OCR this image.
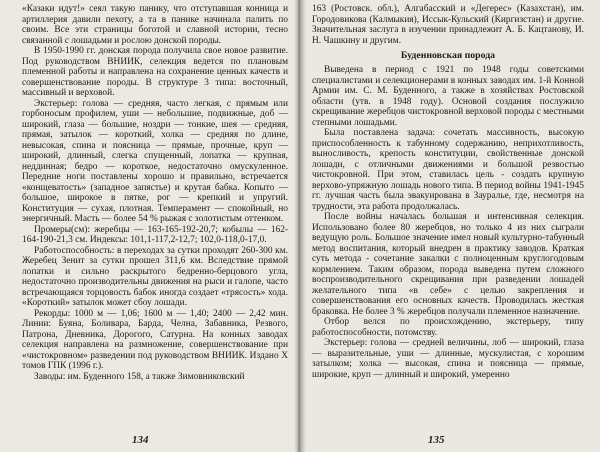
«Казаки идут!» сеял такую панику, что отступавшая конница и артиллерия давили пехоту, а та в панике начинала палить по своим. Все эти страницы боготой и славной истории, тесно связанной с лошадьми и рослою донской породы.

В 1950-1990 гг. донская порода получила свое новое развитие. Под руководством ВНИИК, селекция ведется по плановым племенной работы и направлена на сохранение ценных качеств и совершенствование породы. В структуре 3 типа: восточный, массивный и верховой.

Экстерьер: голова — средняя, часто легкая, с прямым или горбоносым профилем, уши — небольшие, подвижные, доб — широкий, глаза — большие, ноздри — тонкие, шея — средняя, прямая, затылок — короткий, холка — средняя по длине, невысокая, спина и поясница — прямые, прочные, круп — широкий, длинный, слегка спущенный, лопатка — крупная, неддинная; бедро — короткое, недостаточно омускуленное. Передние ноги поставлены хорошо и правильно, встречается «конщеватость» (западное запястье) и крутая бабка. Копыто — большое, широкое в пятке, рог — крепкий и упругий. Конституция — сухая, плотная. Темперамент — спокойный, но энергичный. Масть — более 54 % рыжая с золотистым оттенком.

Промеры(см): жеребцы — 163-165-192-20,7; кобылы — 162-164-190-21,3 см. Индексы: 101,1-117,2-12,7; 102,0-118,0-17,0.

Работоспособность: в переходах за сутки проходят 260-300 км. Жеребец Зенит за сутки прошел 311,6 км. Вследствие прямой лопатки и сильно раскрытого бедренно-берцового угла, недостаточно производительны движения на рыси и галопе, часто встречающаяся торцовость бабок иногда создает «трясость» хода. «Короткий» затылок может сбоу лошади.

Рекорды: 1000 м — 1,06; 1600 м — 1,40; 2400 — 2,42 мин. Линии: Буяна, Боливара, Барда, Челна, Забавника, Резвого, Патрона, Дневника, Дорогого, Сатурна. На конных заводах селекция направлена на размножение, совершенствование при «чистокровном» разведении под руководством ВНИИК. Издано Х томов ГПК (1996 г.).

Заводы: им. Буденного 158, а также Зимовниковский

134

163 (Ростовск. обл.), Алгабасский и «Дегерес» (Казахстан), им. Городовикова (Калмыкия), Иссык-Кульский (Киргизстан) и другие. Значительная заслуга в изучении принадлежит А. Б. Кацтанову, И. Н. Чашкину и другим.

Буденновская порода

Выведена в период с 1921 по 1948 годы советскими специалистами и селекционерами в конных заводах им. 1-й Конной Армии им. С. М. Буденного, а также в хозяйствах Ростовской области (утв. в 1948 году). Основой создания послужило скрещивание жеребцов чистокровной верховой породы с местными степными лошадьми.

Была поставлена задача: сочетать массивность, высокую приспособленность к табунному содержанию, неприхотливость, выносливость, крепость конституции, свойственные донской лошади, с отличными движениями и большой резвостью чистокровной. При этом, ставилась цель - создать крупную верхово-упряжную лошадь нового типа. В период войны 1941-1945 гг. лучшая часть была эвакуирована в Зауралье, где, несмотря на трудности, эта работа продолжалась.

После войны началась большая и интенсивная селекция. Использовано более 80 жеребцов, но только 4 из них сыграли ведущую роль. Большое значение имел новый культурно-табунный метод воспитания, который внедрен в практику заводов. Краткая суть метода - сочетание закалки с полноценным круглогодовым кормлением. Таким образом, порода выведена путем сложного воспроизводительного скрещивания при разведении лошадей желательного типа «в себе» с целью закрепления и совершенствования его основных качеств. Проводилась жесткая браковка. Не более 3 % жеребцов получали племенное назначение.

Отбор велся по происхождению, экстерьеру, типу работоспособности, потомству.

Экстерьер: голова — средней величины, лоб — широкий, глаза — выразительные, уши — длинные, мускулистая, с хорошим затылком; холка — высокая, спина и поясница — прямые, широкие, круп — длинный и широкий, умеренно

135
